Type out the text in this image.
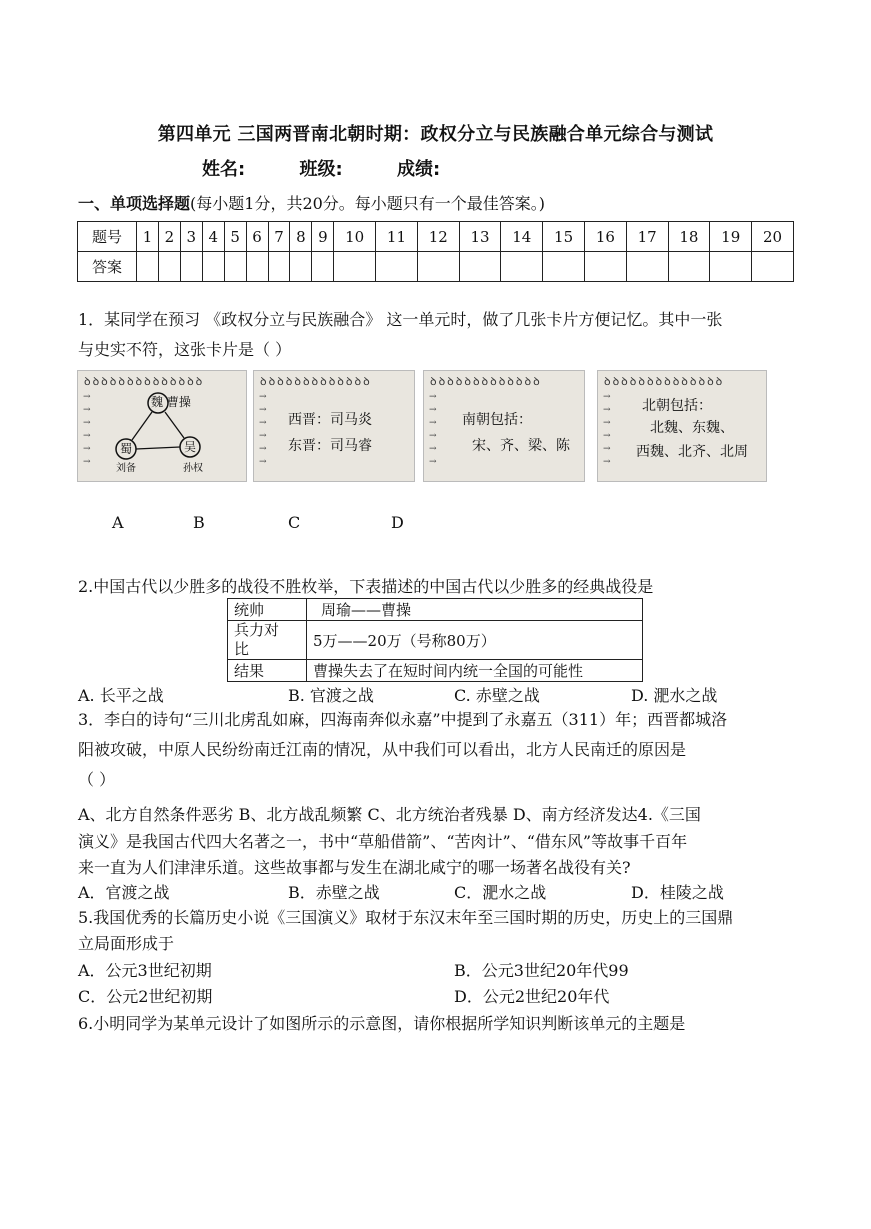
第四单元 三国两晋南北朝时期：政权分立与民族融合单元综合与测试
姓名:	班级:	成绩:
一、单项选择题(每小题1分，共20分。每小题只有一个最佳答案。)
题号	1	2	3	4	5	6	7	8	9	10	11	12	13	14	15	16	17	18	19	20
答案																				
1．某同学在预习 《政权分立与民族融合》 这一单元时，做了几张卡片方便记忆。其中一张
与史实不符，这张卡片是（ ）
ꝺꝺꝺꝺꝺꝺꝺꝺꝺꝺꝺꝺꝺꝺ
→
→
→
→
→
→
魏 曹操
蜀
刘备
吴
孙权
ꝺꝺꝺꝺꝺꝺꝺꝺꝺꝺꝺꝺꝺ
→
→
→
→
→
→
西晋：司马炎
东晋：司马睿
ꝺꝺꝺꝺꝺꝺꝺꝺꝺꝺꝺꝺꝺ
→
→
→
→
→
→
南朝包括：
宋、齐、梁、陈
ꝺꝺꝺꝺꝺꝺꝺꝺꝺꝺꝺꝺꝺꝺ
→
→
→
→
→
→
北朝包括：
北魏、东魏、
西魏、北齐、北周
A	B	C	D
2.中国古代以少胜多的战役不胜枚举，下表描述的中国古代以少胜多的经典战役是
统帅	周瑜——曹操
兵力对
比	5万——20万（号称80万）
结果	曹操失去了在短时间内统一全国的可能性
A. 长平之战	B. 官渡之战	C. 赤壁之战	D. 淝水之战
3．李白的诗句“三川北虏乱如麻，四海南奔似永嘉”中提到了永嘉五（311）年；西晋都城洛
阳被攻破，中原人民纷纷南迁江南的情况，从中我们可以看出，北方人民南迁的原因是
（ ）
A、北方自然条件恶劣 B、北方战乱频繁 C、北方统治者残暴 D、南方经济发达4.《三国
演义》是我国古代四大名著之一，书中“草船借箭”、“苦肉计”、“借东风”等故事千百年
来一直为人们津津乐道。这些故事都与发生在湖北咸宁的哪一场著名战役有关?
A．官渡之战	B．赤壁之战	C．淝水之战	D．桂陵之战
5.我国优秀的长篇历史小说《三国演义》取材于东汉末年至三国时期的历史，历史上的三国鼎
立局面形成于
A．公元3世纪初期	B．公元3世纪20年代99
C．公元2世纪初期	D．公元2世纪20年代
6.小明同学为某单元设计了如图所示的示意图，请你根据所学知识判断该单元的主题是
